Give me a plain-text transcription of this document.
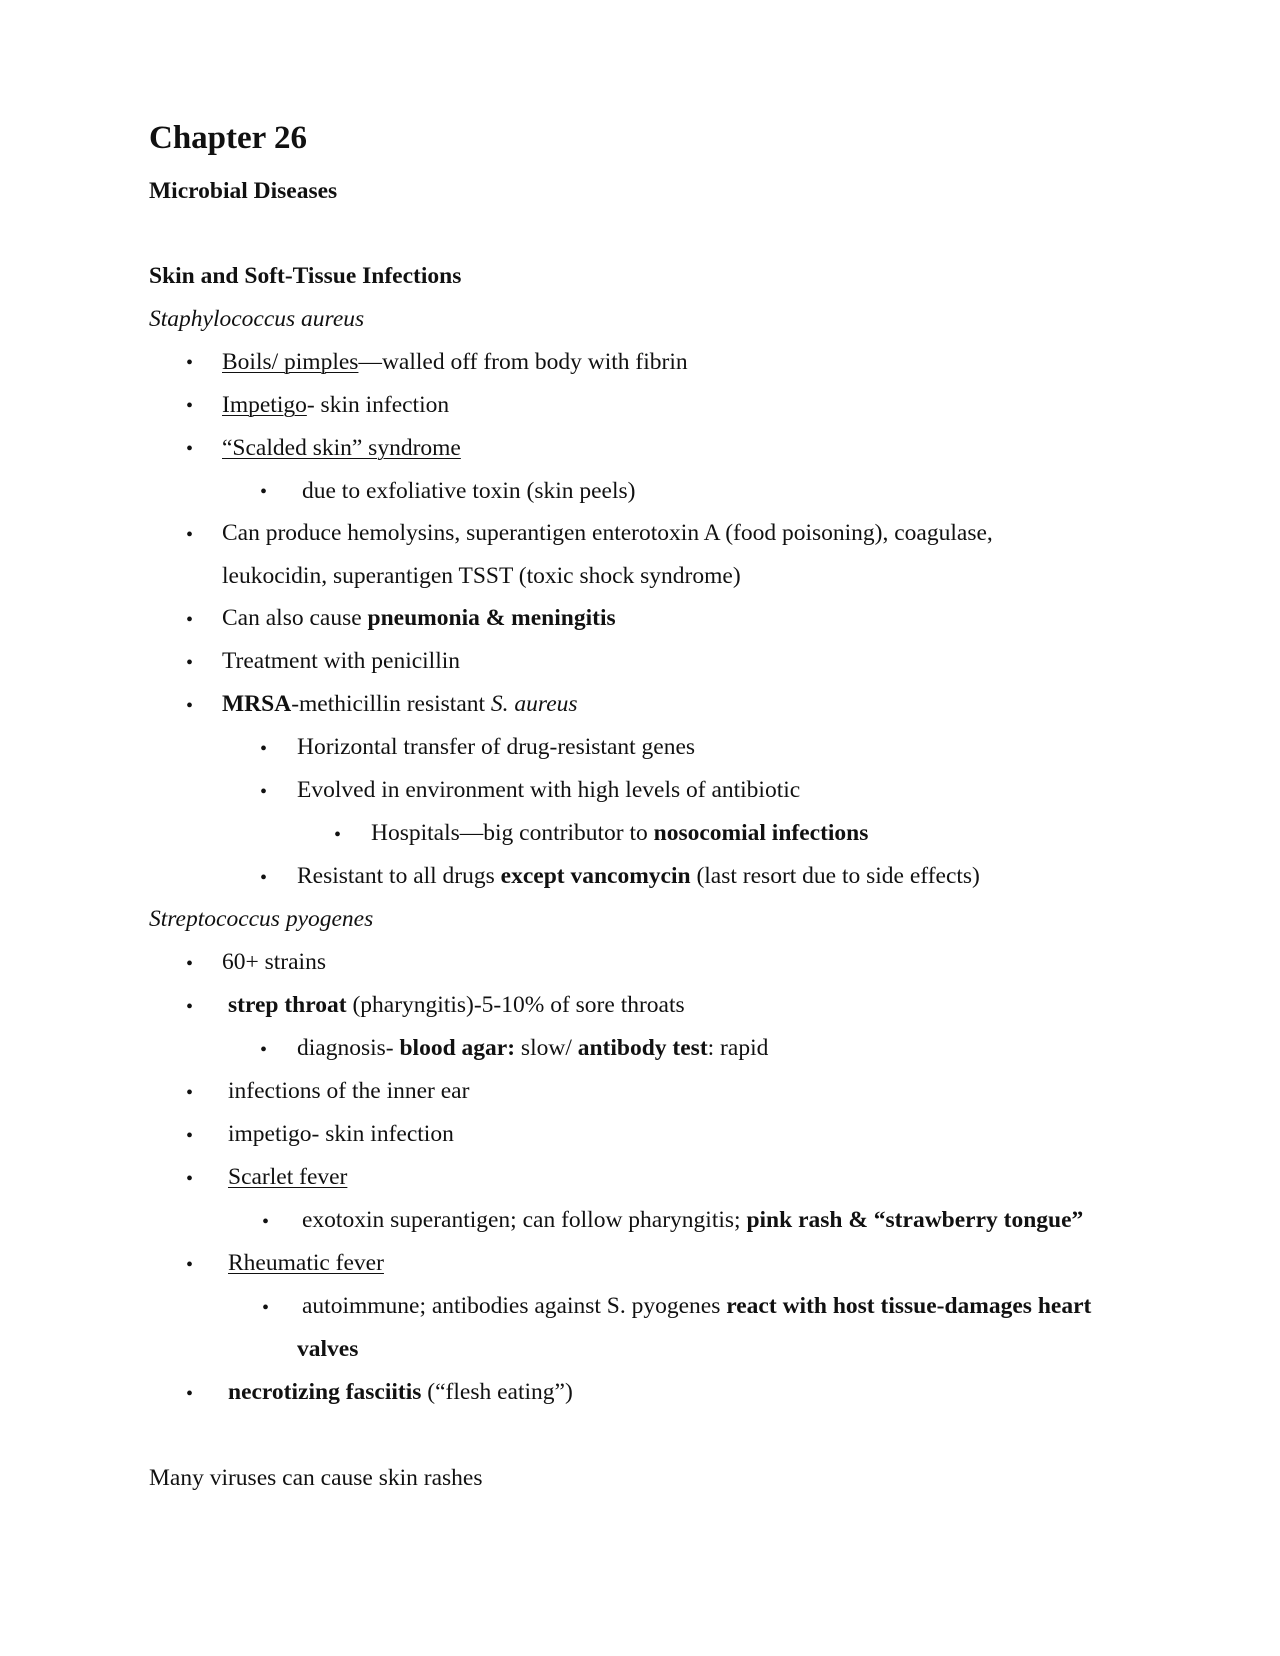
Chapter 26
Microbial Diseases
Skin and Soft-Tissue Infections
Staphylococcus aureus
• Boils/ pimples—walled off from body with fibrin
• Impetigo- skin infection
• “Scalded skin” syndrome
• due to exfoliative toxin (skin peels)
• Can produce hemolysins, superantigen enterotoxin A (food poisoning), coagulase,
leukocidin, superantigen TSST (toxic shock syndrome)
• Can also cause pneumonia & meningitis
• Treatment with penicillin
• MRSA-methicillin resistant S. aureus
• Horizontal transfer of drug-resistant genes
• Evolved in environment with high levels of antibiotic
• Hospitals—big contributor to nosocomial infections
• Resistant to all drugs except vancomycin (last resort due to side effects)
Streptococcus pyogenes
• 60+ strains
• strep throat (pharyngitis)-5-10% of sore throats
• diagnosis- blood agar: slow/ antibody test: rapid
• infections of the inner ear
• impetigo- skin infection
• Scarlet fever
• exotoxin superantigen; can follow pharyngitis; pink rash & “strawberry tongue”
• Rheumatic fever
• autoimmune; antibodies against S. pyogenes react with host tissue-damages heart
valves
• necrotizing fasciitis (“flesh eating”)
Many viruses can cause skin rashes
